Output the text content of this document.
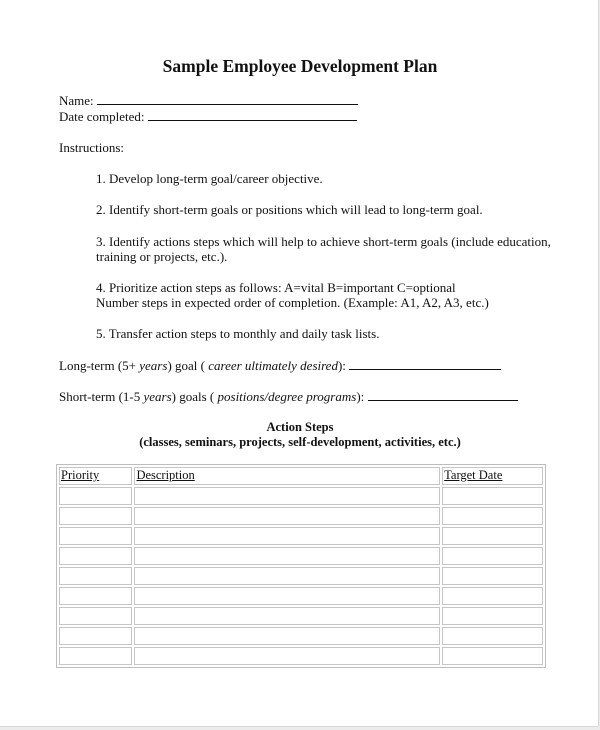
Sample Employee Development Plan
Name:
Date completed:
Instructions:
1. Develop long-term goal/career objective.
2. Identify short-term goals or positions which will lead to long-term goal.
3. Identify actions steps which will help to achieve short-term goals (include education,
training or projects, etc.).
4. Prioritize action steps as follows: A=vital B=important C=optional
Number steps in expected order of completion. (Example: A1, A2, A3, etc.)
5. Transfer action steps to monthly and daily task lists.
Long-term (5+ years) goal ( career ultimately desired):
Short-term (1-5 years) goals ( positions/degree programs):
Action Steps
(classes, seminars, projects, self-development, activities, etc.)
Priority	Description	Target Date
